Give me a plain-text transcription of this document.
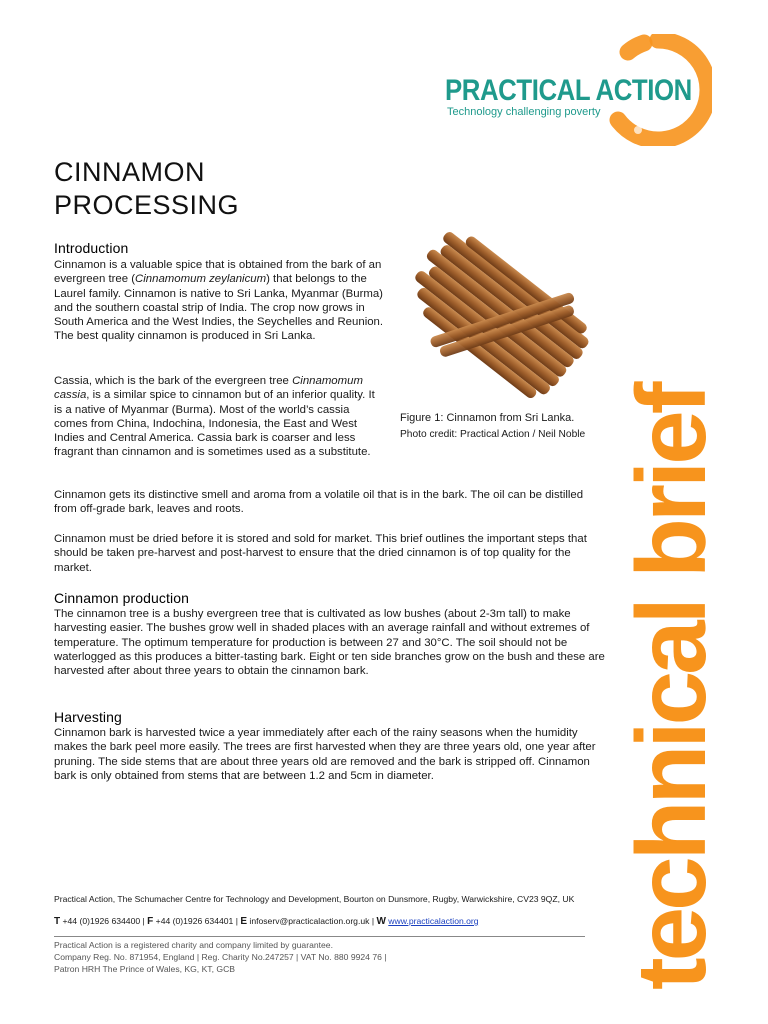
PRACTICAL ACTION
Technology challenging poverty
technical brief
CINNAMON
PROCESSING
Introduction

Cinnamon is a valuable spice that is obtained from the bark of an evergreen tree (Cinnamomum zeylanicum) that belongs to the Laurel family. Cinnamon is native to Sri Lanka, Myanmar (Burma) and the southern coastal strip of India. The crop now grows in South America and the West Indies, the Seychelles and Reunion. The best quality cinnamon is produced in Sri Lanka.

Cassia, which is the bark of the evergreen tree Cinnamomum cassia, is a similar spice to cinnamon but of an inferior quality. It is a native of Myanmar (Burma). Most of the world’s cassia comes from China, Indochina, Indonesia, the East and West Indies and Central America. Cassia bark is coarser and less fragrant than cinnamon and is sometimes used as a substitute.

Figure 1: Cinnamon from Sri Lanka. Photo credit: Practical Action / Neil Noble

Cinnamon gets its distinctive smell and aroma from a volatile oil that is in the bark. The oil can be distilled from off-grade bark, leaves and roots.

Cinnamon must be dried before it is stored and sold for market. This brief outlines the important steps that should be taken pre-harvest and post-harvest to ensure that the dried cinnamon is of top quality for the market.

Cinnamon production

The cinnamon tree is a bushy evergreen tree that is cultivated as low bushes (about 2-3m tall) to make harvesting easier. The bushes grow well in shaded places with an average rainfall and without extremes of temperature. The optimum temperature for production is between 27 and 30°C. The soil should not be waterlogged as this produces a bitter-tasting bark. Eight or ten side branches grow on the bush and these are harvested after about three years to obtain the cinnamon bark.

Harvesting

Cinnamon bark is harvested twice a year immediately after each of the rainy seasons when the humidity makes the bark peel more easily. The trees are first harvested when they are three years old, one year after pruning. The side stems that are about three years old are removed and the bark is stripped off. Cinnamon bark is only obtained from stems that are between 1.2 and 5cm in diameter.

Practical Action, The Schumacher Centre for Technology and Development, Bourton on Dunsmore, Rugby, Warwickshire, CV23 9QZ, UK

T +44 (0)1926 634400 | F +44 (0)1926 634401 | E infoserv@practicalaction.org.uk | W www.practicalaction.org

Practical Action is a registered charity and company limited by guarantee.

Company Reg. No. 871954, England | Reg. Charity No.247257 | VAT No. 880 9924 76 |

Patron HRH The Prince of Wales, KG, KT, GCB
